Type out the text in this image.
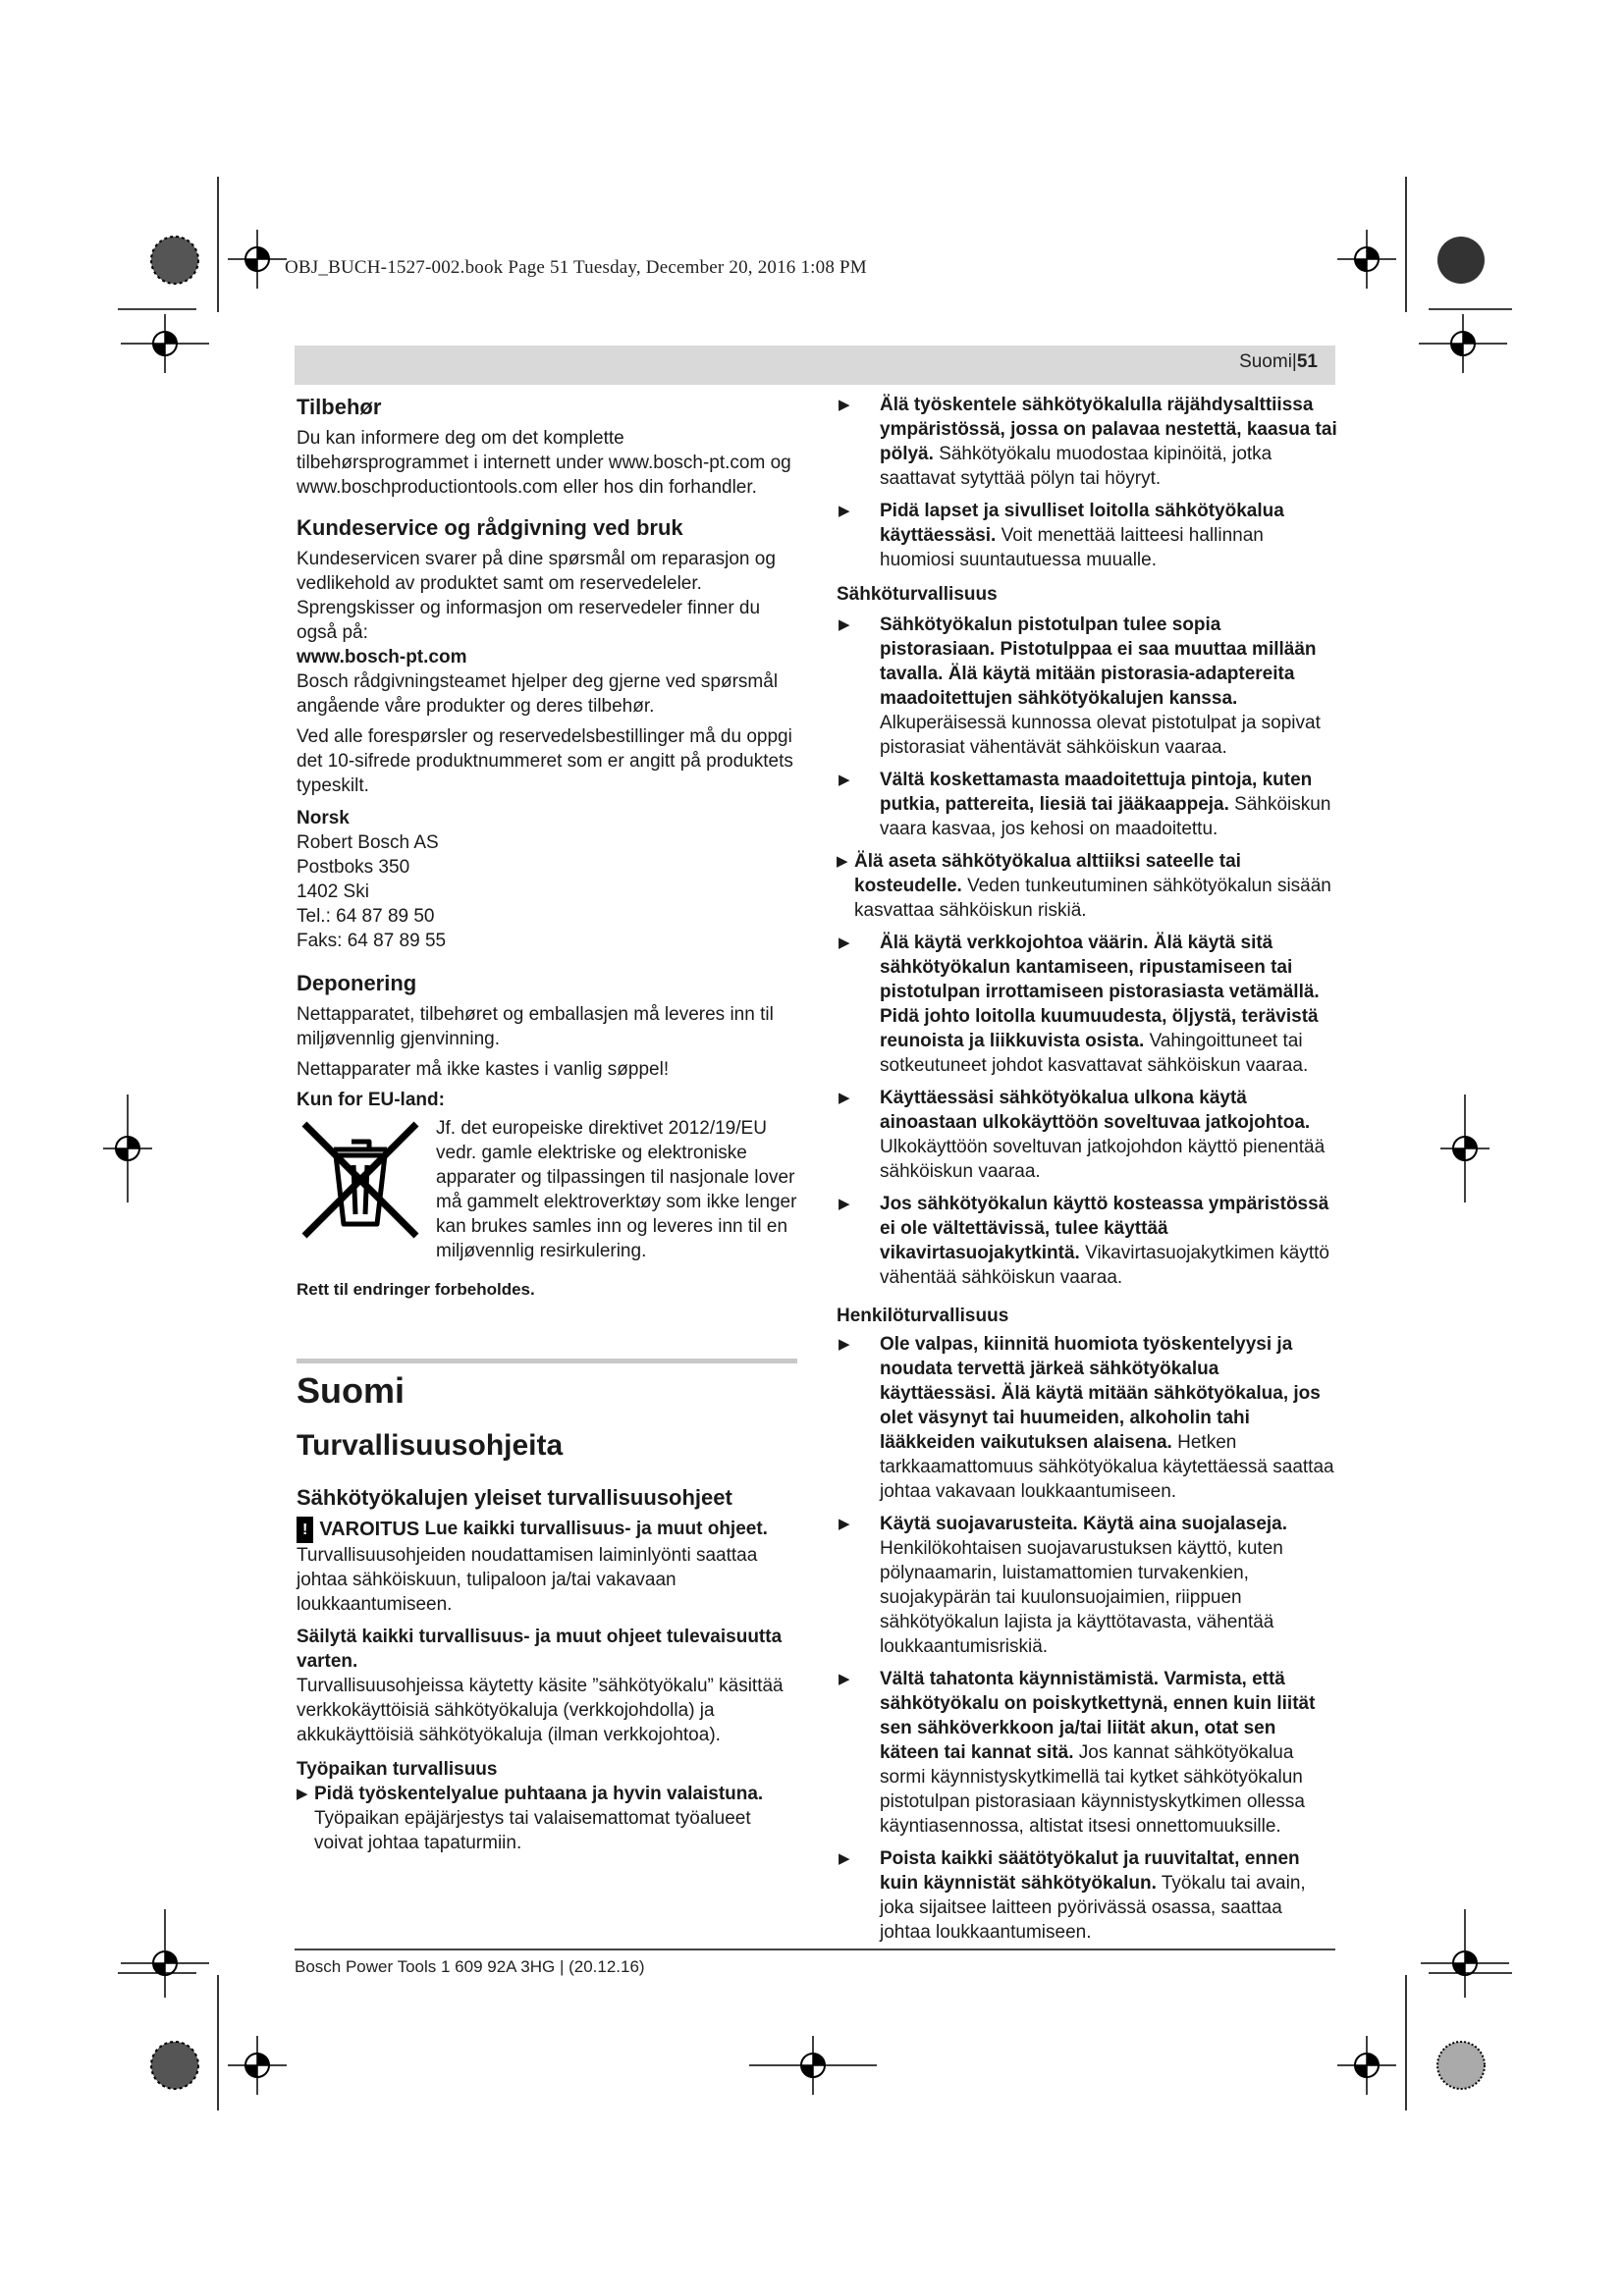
OBJ_BUCH-1527-002.book Page 51 Tuesday, December 20, 2016 1:08 PM
Suomi|51
Tilbehør

Du kan informere deg om det komplette tilbehørsprogrammet i internett under www.bosch-pt.com og www.boschproductiontools.com eller hos din forhandler.

Kundeservice og rådgivning ved bruk

Kundeservicen svarer på dine spørsmål om reparasjon og vedlikehold av produktet samt om reservedeleler. Sprengskisser og informasjon om reservedeler finner du også på:

www.bosch-pt.com

Bosch rådgivningsteamet hjelper deg gjerne ved spørsmål angående våre produkter og deres tilbehør.

Ved alle forespørsler og reservedelsbestillinger må du oppgi det 10-sifrede produktnummeret som er angitt på produktets typeskilt.

Norsk
Robert Bosch AS
Postboks 350
1402 Ski
Tel.: 64 87 89 50
Faks: 64 87 89 55
Deponering

Nettapparatet, tilbehøret og emballasjen må leveres inn til miljøvennlig gjenvinning.

Nettapparater må ikke kastes i vanlig søppel!

Kun for EU-land:

Jf. det europeiske direktivet 2012/19/EU vedr. gamle elektriske og elektroniske apparater og tilpassingen til nasjonale lover må gammelt elektroverktøy som ikke lenger kan brukes samles inn og leveres inn til en miljøvennlig resirkulering.

Rett til endringer forbeholdes.

Suomi
Turvallisuusohjeita
Sähkötyökalujen yleiset turvallisuusohjeet
! VAROITUS Lue kaikki turvallisuus- ja muut ohjeet. Turvallisuusohjeiden noudattamisen laiminlyönti saattaa johtaa sähköiskuun, tulipaloon ja/tai vakavaan loukkaantumiseen.

Säilytä kaikki turvallisuus- ja muut ohjeet tulevaisuutta varten.

Turvallisuusohjeissa käytetty käsite ”sähkötyökalu” käsittää verkkokäyttöisiä sähkötyökaluja (verkkojohdolla) ja akkukäyttöisiä sähkötyökaluja (ilman verkkojohtoa).

Työpaikan turvallisuus
▶ Pidä työskentelyalue puhtaana ja hyvin valaistuna. Työpaikan epäjärjestys tai valaisemattomat työalueet voivat johtaa tapaturmiin.
▶ Älä työskentele sähkötyökalulla räjähdysalttiissa ympäristössä, jossa on palavaa nestettä, kaasua tai pölyä. Sähkötyökalu muodostaa kipinöitä, jotka saattavat sytyttää pölyn tai höyryt.
▶ Pidä lapset ja sivulliset loitolla sähkötyökalua käyttäessäsi. Voit menettää laitteesi hallinnan huomiosi suuntautuessa muualle.
Sähköturvallisuus
▶ Sähkötyökalun pistotulpan tulee sopia pistorasiaan. Pistotulppaa ei saa muuttaa millään tavalla. Älä käytä mitään pistorasia-adaptereita maadoitettujen sähkötyökalujen kanssa. Alkuperäisessä kunnossa olevat pistotulpat ja sopivat pistorasiat vähentävät sähköiskun vaaraa.
▶ Vältä koskettamasta maadoitettuja pintoja, kuten putkia, pattereita, liesiä tai jääkaappeja. Sähköiskun vaara kasvaa, jos kehosi on maadoitettu.
▶ Älä aseta sähkötyökalua alttiiksi sateelle tai kosteudelle. Veden tunkeutuminen sähkötyökalun sisään kasvattaa sähköiskun riskiä.
▶ Älä käytä verkkojohtoa väärin. Älä käytä sitä sähkötyökalun kantamiseen, ripustamiseen tai pistotulpan irrottamiseen pistorasiasta vetämällä. Pidä johto loitolla kuumuudesta, öljystä, terävistä reunoista ja liikkuvista osista. Vahingoittuneet tai sotkeutuneet johdot kasvattavat sähköiskun vaaraa.
▶ Käyttäessäsi sähkötyökalua ulkona käytä ainoastaan ulkokäyttöön soveltuvaa jatkojohtoa. Ulkokäyttöön soveltuvan jatkojohdon käyttö pienentää sähköiskun vaaraa.
▶ Jos sähkötyökalun käyttö kosteassa ympäristössä ei ole vältettävissä, tulee käyttää vikavirtasuojakytkintä. Vikavirtasuojakytkimen käyttö vähentää sähköiskun vaaraa.
Henkilöturvallisuus
▶ Ole valpas, kiinnitä huomiota työskentelyysi ja noudata tervettä järkeä sähkötyökalua käyttäessäsi. Älä käytä mitään sähkötyökalua, jos olet väsynyt tai huumeiden, alkoholin tahi lääkkeiden vaikutuksen alaisena. Hetken tarkkaamattomuus sähkötyökalua käytettäessä saattaa johtaa vakavaan loukkaantumiseen.
▶ Käytä suojavarusteita. Käytä aina suojalaseja. Henkilökohtaisen suojavarustuksen käyttö, kuten pölynaamarin, luistamattomien turvakenkien, suojakypärän tai kuulonsuojaimien, riippuen sähkötyökalun lajista ja käyttötavasta, vähentää loukkaantumisriskiä.
▶ Vältä tahatonta käynnistämistä. Varmista, että sähkötyökalu on poiskytkettynä, ennen kuin liität sen sähköverkkoon ja/tai liität akun, otat sen käteen tai kannat sitä. Jos kannat sähkötyökalua sormi käynnistyskytkimellä tai kytket sähkötyökalun pistotulpan pistorasiaan käynnistyskytkimen ollessa käyntiasennossa, altistat itsesi onnettomuuksille.
▶ Poista kaikki säätötyökalut ja ruuvitaltat, ennen kuin käynnistät sähkötyökalun. Työkalu tai avain, joka sijaitsee laitteen pyörivässä osassa, saattaa johtaa loukkaantumiseen.
Bosch Power Tools 1 609 92A 3HG | (20.12.16)
